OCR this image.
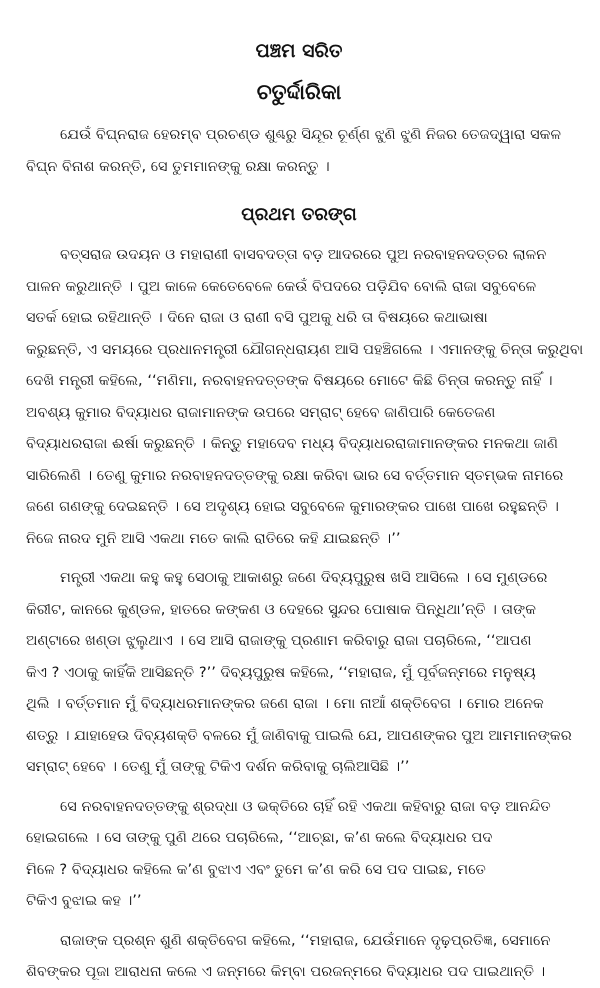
ପଞ୍ଚମ ସରିତ
ଚତୁର୍ଦ୍ଦାରିକା

ଯେଉଁ ବିଘ୍ନରାଜ ହେରମ୍ବ ପ୍ରଚଣ୍ଡ ଶୁଣ୍ଢରୁ ସିନ୍ଦୂର ଚୂର୍ଣ୍ଣ ଝୁଣି ଝୁଣି ନିଜର ତେଜଦ୍ୱାରା ସକଳ
ବିଘ୍ନ ବିନାଶ କରନ୍ତି, ସେ ତୁମମାନଙ୍କୁ ରକ୍ଷା କରନ୍ତୁ ।

ପ୍ରଥମ ତରଙ୍ଗ

ବତ୍ସରାଜ ଉଦୟନ ଓ ମହାରାଣୀ ବାସବଦତ୍ତା ବଡ଼ ଆଦରରେ ପୁଅ ନରବାହନଦତ୍ତର ଲାଳନ
ପାଳନ କରୁଥାନ୍ତି । ପୁଅ କାଳେ କେତେବେଳେ କେଉଁ ବିପଦରେ ପଡ଼ିଯିବ ବୋଲି ରାଜା ସବୁବେଳେ
ସତର୍କ ହୋଇ ରହିଥାନ୍ତି । ଦିନେ ରାଜା ଓ ରାଣୀ ବସି ପୁଅକୁ ଧରି ତା ବିଷୟରେ କଥାଭାଷା
କରୁଛନ୍ତି, ଏ ସମୟରେ ପ୍ରଧାନମନ୍ତ୍ରୀ ଯୌଗନ୍ଧରାୟଣ ଆସି ପହଞ୍ଚିଗଲେ । ଏମାନଙ୍କୁ ଚିନ୍ତା କରୁଥିବା
ଦେଖି ମନ୍ତ୍ରୀ କହିଲେ, ‘‘ମଣିମା, ନରବାହନଦତ୍ତଙ୍କ ବିଷୟରେ ମୋଟେ କିଛି ଚିନ୍ତା କରନ୍ତୁ ନାହିଁ ।
ଅବଶ୍ୟ କୁମାର ବିଦ୍ୟାଧର ରାଜାମାନଙ୍କ ଉପରେ ସମ୍ରାଟ୍ ହେବେ ଜାଣିପାରି କେତେଜଣ
ବିଦ୍ୟାଧରରାଜା ଈର୍ଷା କରୁଛନ୍ତି । କିନ୍ତୁ ମହାଦେବ ମଧ୍ୟ ବିଦ୍ୟାଧରରାଜାମାନଙ୍କର ମନକଥା ଜାଣି
ସାରିଲେଣି । ତେଣୁ କୁମାର ନରବାହନଦତ୍ତଙ୍କୁ ରକ୍ଷା କରିବା ଭାର ସେ ବର୍ତ୍ତମାନ ସ୍ତମ୍ଭକ ନାମରେ
ଜଣେ ଗଣଙ୍କୁ ଦେଇଛନ୍ତି । ସେ ଅଦୃଶ୍ୟ ହୋଇ ସବୁବେଳେ କୁମାରଙ୍କର ପାଖେ ପାଖେ ରହୁଛନ୍ତି ।
ନିଜେ ନାରଦ ମୁନି ଆସି ଏକଥା ମତେ କାଲି ରାତିରେ କହି ଯାଇଛନ୍ତି ।’’

ମନ୍ତ୍ରୀ ଏକଥା କହୁ କହୁ ସେଠାକୁ ଆକାଶରୁ ଜଣେ ଦିବ୍ୟପୁରୁଷ ଖସି ଆସିଲେ । ସେ ମୁଣ୍ଡରେ
କିରୀଟ, କାନରେ କୁଣ୍ଡଳ, ହାତରେ କଙ୍କଣ ଓ ଦେହରେ ସୁନ୍ଦର ପୋଷାକ ପିନ୍ଧିଥା’ନ୍ତି । ତାଙ୍କ
ଅଣ୍ଟାରେ ଖଣ୍ଡା ଝୁଲୁଥାଏ । ସେ ଆସି ରାଜାଙ୍କୁ ପ୍ରଣାମ କରିବାରୁ ରାଜା ପଚାରିଲେ, ‘‘ଆପଣ
କିଏ ? ଏଠାକୁ କାହିଁକି ଆସିଛନ୍ତି ?’’ ଦିବ୍ୟପୁରୁଷ କହିଲେ, ‘‘ମହାରାଜ, ମୁଁ ପୂର୍ବଜନ୍ମରେ ମନୁଷ୍ୟ
ଥିଲି । ବର୍ତ୍ତମାନ ମୁଁ ବିଦ୍ୟାଧରମାନଙ୍କର ଜଣେ ରାଜା । ମୋ ନାଆଁ ଶକ୍ତିବେଗ । ମୋର ଅନେକ
ଶତ୍ରୁ । ଯାହାହେଉ ଦିବ୍ୟଶକ୍ତି ବଳରେ ମୁଁ ଜାଣିବାକୁ ପାଇଲି ଯେ, ଆପଣଙ୍କର ପୁଅ ଆମମାନଙ୍କର
ସମ୍ରାଟ୍ ହେବେ । ତେଣୁ ମୁଁ ତାଙ୍କୁ ଟିକିଏ ଦର୍ଶନ କରିବାକୁ ଚାଲିଆସିଛି ।’’

ସେ ନରବାହନଦତ୍ତଙ୍କୁ ଶ୍ରଦ୍ଧା ଓ ଭକ୍ତିରେ ଚାହିଁ ରହି ଏକଥା କହିବାରୁ ରାଜା ବଡ଼ ଆନନ୍ଦିତ
ହୋଇଗଲେ । ସେ ତାଙ୍କୁ ପୁଣି ଥରେ ପଚାରିଲେ, ‘‘ଆଚ୍ଛା, କ’ଣ କଲେ ବିଦ୍ୟାଧର ପଦ
ମିଳେ ? ବିଦ୍ୟାଧର କହିଲେ କ’ଣ ବୁଝାଏ ଏବଂ ତୁମେ କ’ଣ କରି ସେ ପଦ ପାଇଛ, ମତେ
ଟିକିଏ ବୁଝାଇ କହ ।’’

ରାଜାଙ୍କ ପ୍ରଶ୍ନ ଶୁଣି ଶକ୍ତିବେଗ କହିଲେ, ‘‘ମହାରାଜ, ଯେଉଁମାନେ ଦୃଢ଼ପ୍ରତିଜ୍ଞ, ସେମାନେ
ଶିବଙ୍କର ପୂଜା ଆରାଧନା କଲେ ଏ ଜନ୍ମରେ କିମ୍ବା ପରଜନ୍ମରେ ବିଦ୍ୟାଧର ପଦ ପାଇଥାନ୍ତି ।
